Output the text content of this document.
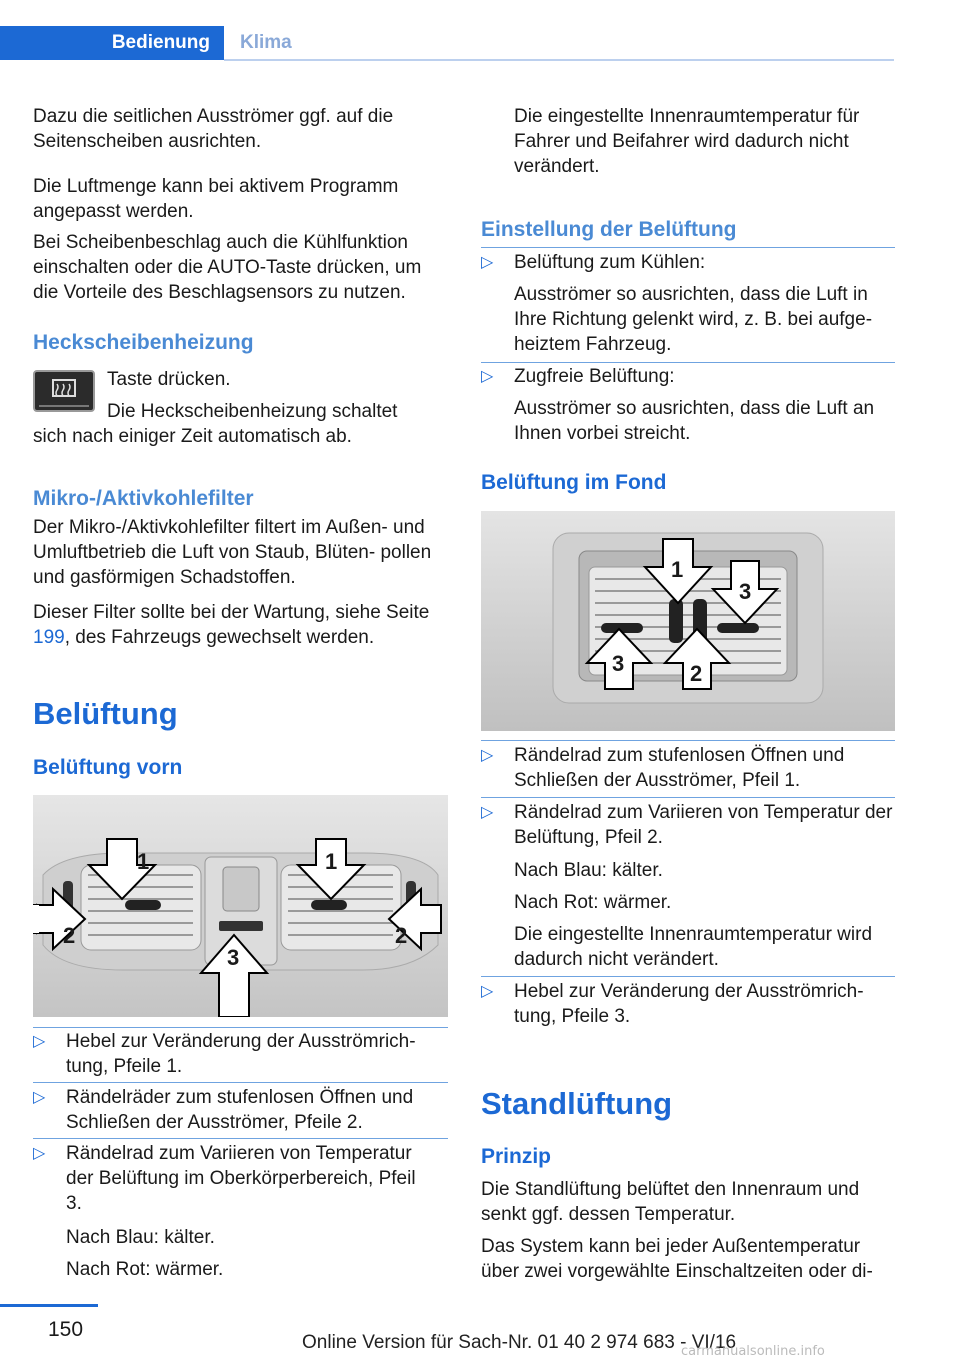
Bedienung	Klima

Dazu die seitlichen Ausströmer ggf. auf die Seitenscheiben ausrichten.

Die Luftmenge kann bei aktivem Programm angepasst werden.

Bei Scheibenbeschlag auch die Kühlfunktion einschalten oder die AUTO-Taste drücken, um die Vorteile des Beschlagsensors zu nutzen.

Heckscheibenheizung

Taste drücken.

Die Heckscheibenheizung schaltet

sich nach einiger Zeit automatisch ab.

Mikro-/Aktivkohlefilter

Der Mikro-/Aktivkohlefilter filtert im Außen- und Umluftbetrieb die Luft von Staub, Blüten- pollen und gasförmigen Schadstoffen.

Dieser Filter sollte bei der Wartung, siehe Seite 199, des Fahrzeugs gewechselt werden.

Belüftung
Belüftung vorn
1	1
2	2
3
▷	Hebel zur Veränderung der Ausströmrich- tung, Pfeile 1.
▷	Rändelräder zum stufenlosen Öffnen und Schließen der Ausströmer, Pfeile 2.
▷	Rändelrad zum Variieren von Temperatur der Belüftung im Oberkörperbereich, Pfeil 3.

Nach Blau: kälter.

Nach Rot: wärmer.

Die eingestellte Innenraumtemperatur für Fahrer und Beifahrer wird dadurch nicht verändert.

Einstellung der Belüftung
▷	Belüftung zum Kühlen:

Ausströmer so ausrichten, dass die Luft in Ihre Richtung gelenkt wird, z. B. bei aufge- heiztem Fahrzeug.

▷	Zugfreie Belüftung:

Ausströmer so ausrichten, dass die Luft an Ihnen vorbei streicht.

Belüftung im Fond
1
2
3
3
▷	Rändelrad zum stufenlosen Öffnen und Schließen der Ausströmer, Pfeil 1.
▷	Rändelrad zum Variieren von Temperatur der Belüftung, Pfeil 2.

Nach Blau: kälter.

Nach Rot: wärmer.

Die eingestellte Innenraumtemperatur wird dadurch nicht verändert.

▷	Hebel zur Veränderung der Ausströmrich- tung, Pfeile 3.
Standlüftung
Prinzip

Die Standlüftung belüftet den Innenraum und senkt ggf. dessen Temperatur.

Das System kann bei jeder Außentemperatur über zwei vorgewählte Einschaltzeiten oder di-

150
Online Version für Sach-Nr. 01 40 2 974 683 - VI/16
carmanualsonline.info
